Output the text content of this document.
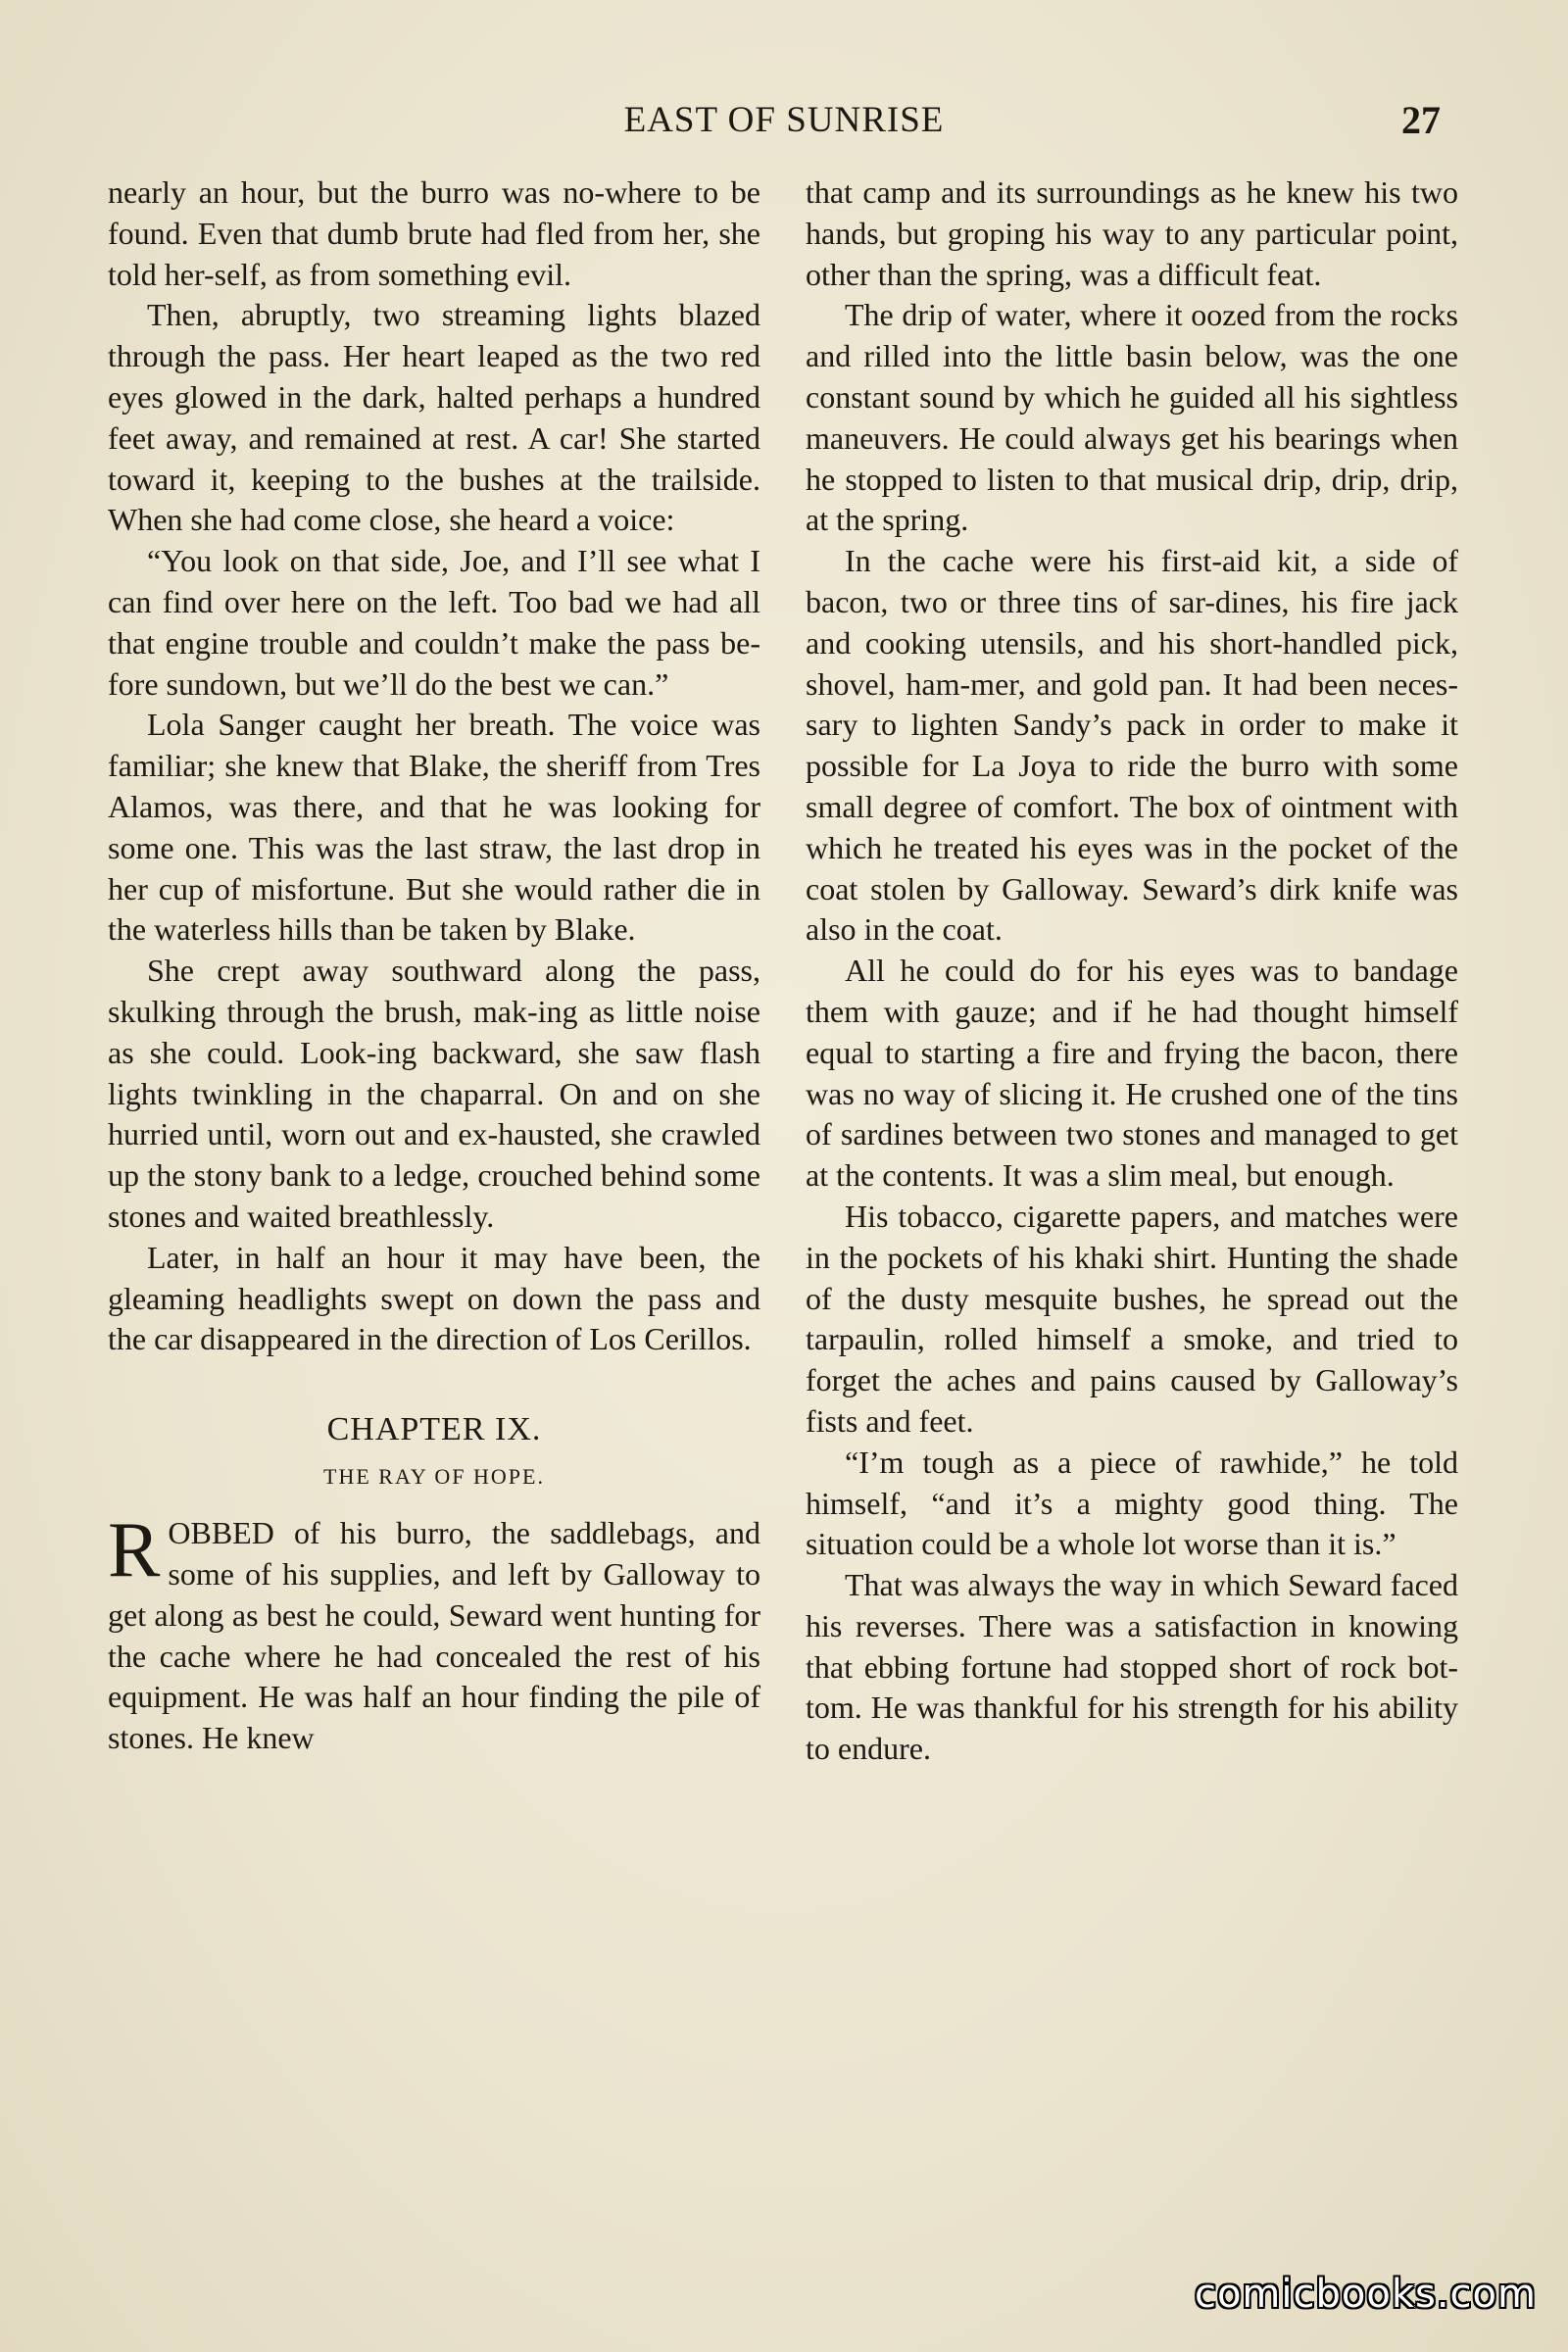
EAST OF SUNRISE	27

nearly an hour, but the burro was no-where to be found. Even that dumb brute had fled from her, she told her-self, as from something evil.

Then, abruptly, two streaming lights blazed through the pass. Her heart leaped as the two red eyes glowed in the dark, halted perhaps a hundred feet away, and remained at rest. A car! She started toward it, keeping to the bushes at the trailside. When she had come close, she heard a voice:

“You look on that side, Joe, and I’ll see what I can find over here on the left. Too bad we had all that engine trouble and couldn’t make the pass be-fore sundown, but we’ll do the best we can.”

Lola Sanger caught her breath. The voice was familiar; she knew that Blake, the sheriff from Tres Alamos, was there, and that he was looking for some one. This was the last straw, the last drop in her cup of misfortune. But she would rather die in the waterless hills than be taken by Blake.

She crept away southward along the pass, skulking through the brush, mak-ing as little noise as she could. Look-ing backward, she saw flash lights twinkling in the chaparral. On and on she hurried until, worn out and ex-hausted, she crawled up the stony bank to a ledge, crouched behind some stones and waited breathlessly.

Later, in half an hour it may have been, the gleaming headlights swept on down the pass and the car disappeared in the direction of Los Cerillos.

CHAPTER IX.
THE RAY OF HOPE.

ROBBED of his burro, the saddlebags, and some of his supplies, and left by Galloway to get along as best he could, Seward went hunting for the cache where he had concealed the rest of his equipment. He was half an hour finding the pile of stones. He knew

that camp and its surroundings as he knew his two hands, but groping his way to any particular point, other than the spring, was a difficult feat.

The drip of water, where it oozed from the rocks and rilled into the little basin below, was the one constant sound by which he guided all his sightless maneuvers. He could always get his bearings when he stopped to listen to that musical drip, drip, drip, at the spring.

In the cache were his first-aid kit, a side of bacon, two or three tins of sar-dines, his fire jack and cooking utensils, and his short-handled pick, shovel, ham-mer, and gold pan. It had been neces-sary to lighten Sandy’s pack in order to make it possible for La Joya to ride the burro with some small degree of comfort. The box of ointment with which he treated his eyes was in the pocket of the coat stolen by Galloway. Seward’s dirk knife was also in the coat.

All he could do for his eyes was to bandage them with gauze; and if he had thought himself equal to starting a fire and frying the bacon, there was no way of slicing it. He crushed one of the tins of sardines between two stones and managed to get at the contents. It was a slim meal, but enough.

His tobacco, cigarette papers, and matches were in the pockets of his khaki shirt. Hunting the shade of the dusty mesquite bushes, he spread out the tarpaulin, rolled himself a smoke, and tried to forget the aches and pains caused by Galloway’s fists and feet.

“I’m tough as a piece of rawhide,” he told himself, “and it’s a mighty good thing. The situation could be a whole lot worse than it is.”

That was always the way in which Seward faced his reverses. There was a satisfaction in knowing that ebbing fortune had stopped short of rock bot-tom. He was thankful for his strength for his ability to endure.

comicbooks.com
